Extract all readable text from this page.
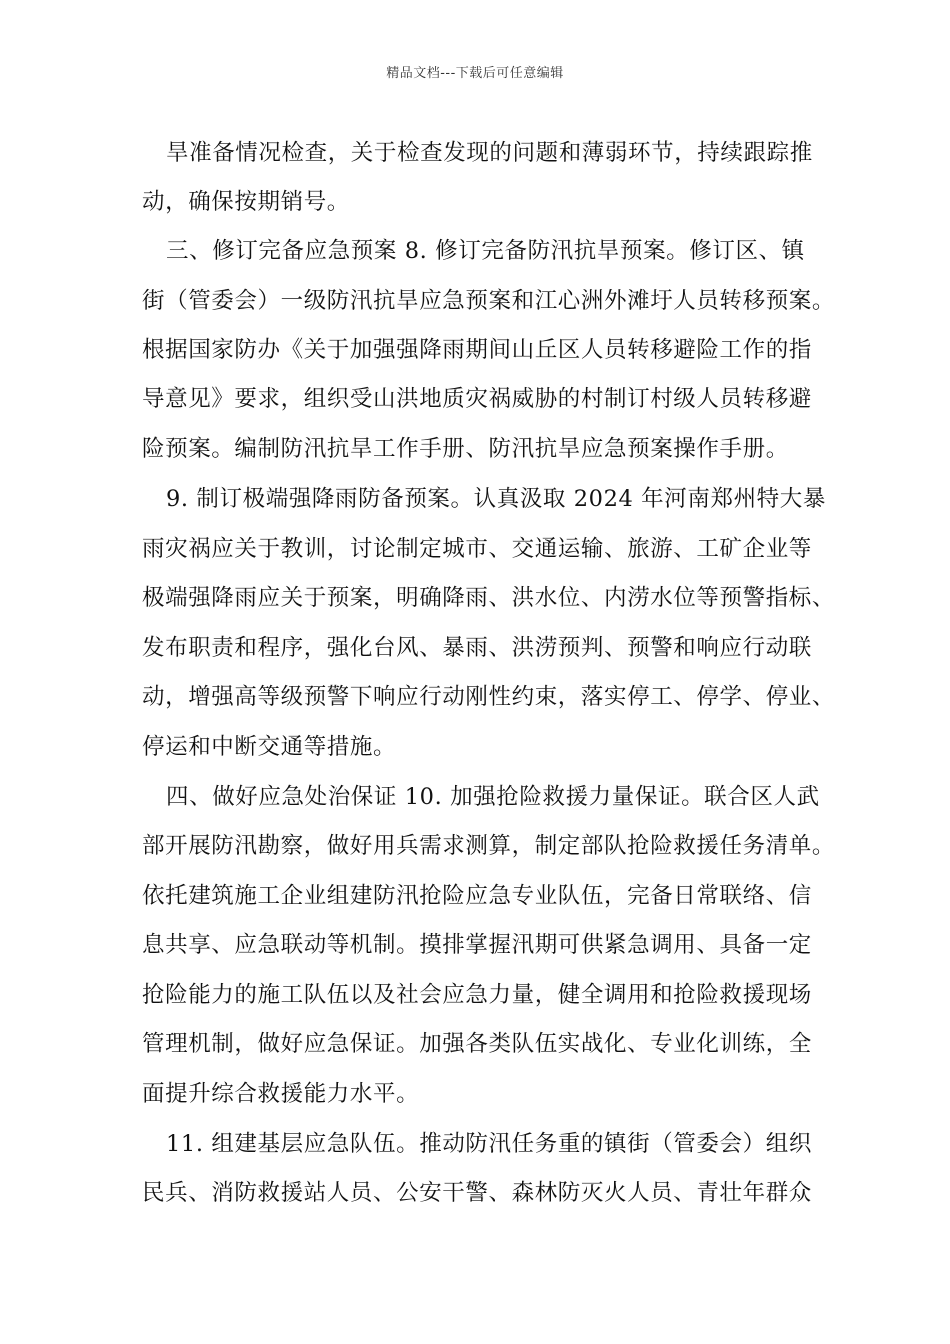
精品文档---下载后可任意编辑
旱准备情况检查，关于检查发现的问题和薄弱环节，持续跟踪推
动，确保按期销号。
三、修订完备应急预案 8. 修订完备防汛抗旱预案。修订区、镇
街（管委会）一级防汛抗旱应急预案和江心洲外滩圩人员转移预案。
根据国家防办《关于加强强降雨期间山丘区人员转移避险工作的指
导意见》要求，组织受山洪地质灾祸威胁的村制订村级人员转移避
险预案。编制防汛抗旱工作手册、防汛抗旱应急预案操作手册。
9. 制订极端强降雨防备预案。认真汲取 2024 年河南郑州特大暴
雨灾祸应关于教训，讨论制定城市、交通运输、旅游、工矿企业等
极端强降雨应关于预案，明确降雨、洪水位、内涝水位等预警指标、
发布职责和程序，强化台风、暴雨、洪涝预判、预警和响应行动联
动，增强高等级预警下响应行动刚性约束，落实停工、停学、停业、
停运和中断交通等措施。
四、做好应急处治保证 10. 加强抢险救援力量保证。联合区人武
部开展防汛勘察，做好用兵需求测算，制定部队抢险救援任务清单。
依托建筑施工企业组建防汛抢险应急专业队伍，完备日常联络、信
息共享、应急联动等机制。摸排掌握汛期可供紧急调用、具备一定
抢险能力的施工队伍以及社会应急力量，健全调用和抢险救援现场
管理机制，做好应急保证。加强各类队伍实战化、专业化训练，全
面提升综合救援能力水平。
11. 组建基层应急队伍。推动防汛任务重的镇街（管委会）组织
民兵、消防救援站人员、公安干警、森林防灭火人员、青壮年群众
